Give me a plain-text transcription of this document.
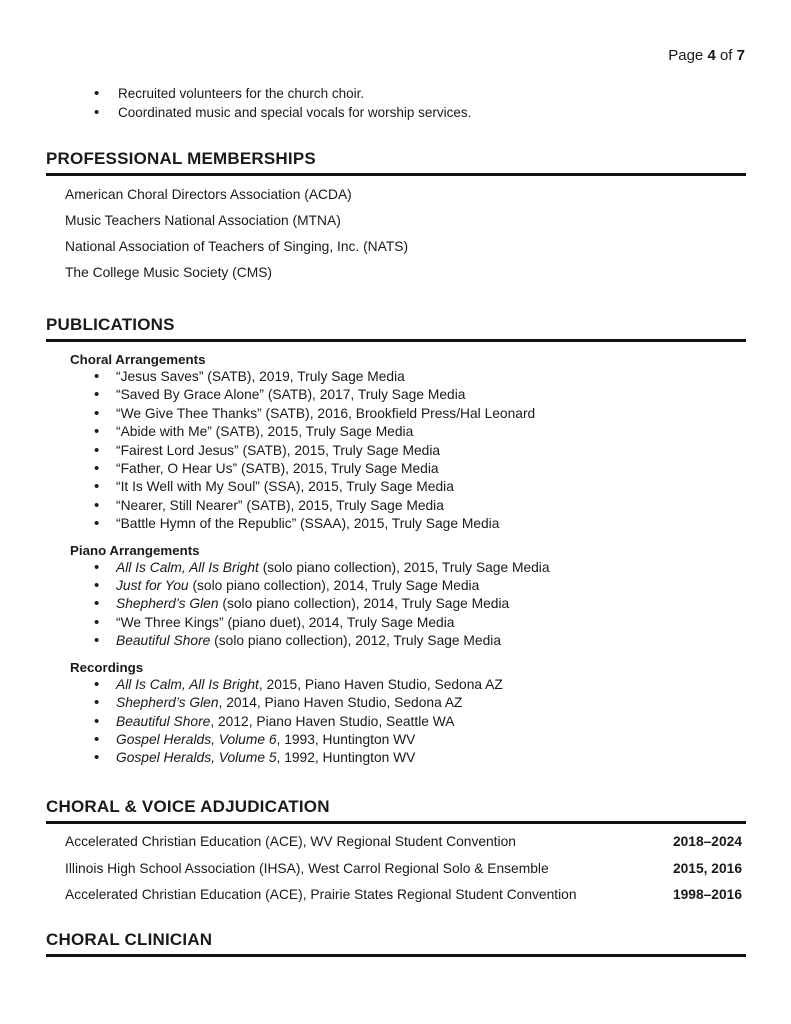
Page 4 of 7
• Recruited volunteers for the church choir.
• Coordinated music and special vocals for worship services.
PROFESSIONAL MEMBERSHIPS
American Choral Directors Association (ACDA)
Music Teachers National Association (MTNA)
National Association of Teachers of Singing, Inc. (NATS)
The College Music Society (CMS)
PUBLICATIONS
Choral Arrangements
• “Jesus Saves” (SATB), 2019, Truly Sage Media
• “Saved By Grace Alone” (SATB), 2017, Truly Sage Media
• “We Give Thee Thanks” (SATB), 2016, Brookfield Press/Hal Leonard
• “Abide with Me” (SATB), 2015, Truly Sage Media
• “Fairest Lord Jesus” (SATB), 2015, Truly Sage Media
• “Father, O Hear Us” (SATB), 2015, Truly Sage Media
• “It Is Well with My Soul” (SSA), 2015, Truly Sage Media
• “Nearer, Still Nearer” (SATB), 2015, Truly Sage Media
• “Battle Hymn of the Republic” (SSAA), 2015, Truly Sage Media
Piano Arrangements
• All Is Calm, All Is Bright (solo piano collection), 2015, Truly Sage Media
• Just for You (solo piano collection), 2014, Truly Sage Media
• Shepherd’s Glen (solo piano collection), 2014, Truly Sage Media
• “We Three Kings” (piano duet), 2014, Truly Sage Media
• Beautiful Shore (solo piano collection), 2012, Truly Sage Media
Recordings
• All Is Calm, All Is Bright, 2015, Piano Haven Studio, Sedona AZ
• Shepherd’s Glen, 2014, Piano Haven Studio, Sedona AZ
• Beautiful Shore, 2012, Piano Haven Studio, Seattle WA
• Gospel Heralds, Volume 6, 1993, Huntington WV
• Gospel Heralds, Volume 5, 1992, Huntington WV
CHORAL & VOICE ADJUDICATION
Accelerated Christian Education (ACE), WV Regional Student Convention	2018–2024
Illinois High School Association (IHSA), West Carrol Regional Solo & Ensemble	2015, 2016
Accelerated Christian Education (ACE), Prairie States Regional Student Convention	1998–2016
CHORAL CLINICIAN
